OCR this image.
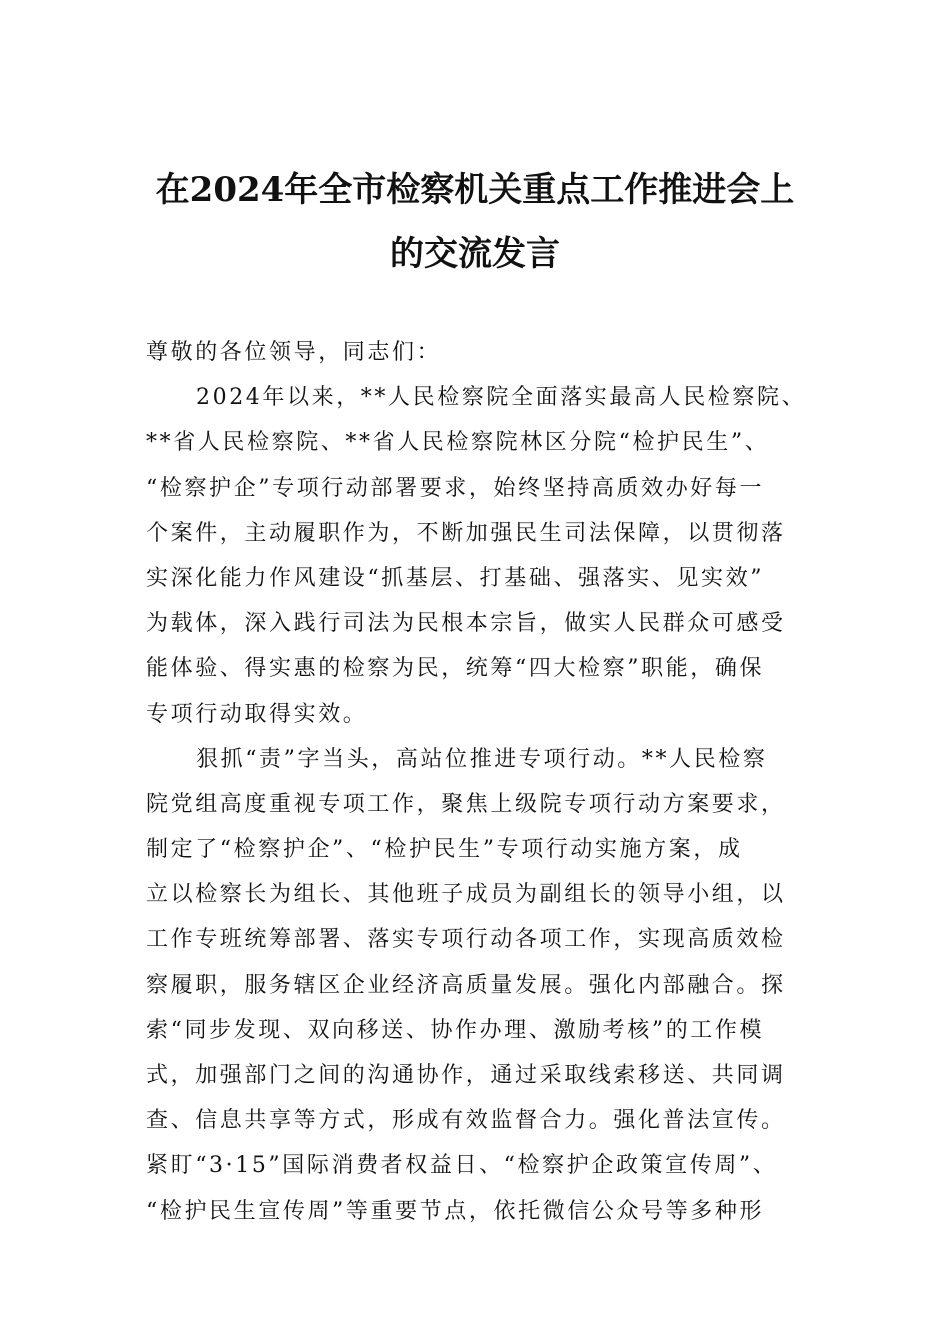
在2024年全市检察机关重点工作推进会上
的交流发言
尊敬的各位领导，同志们：
2024年以来，**人民检察院全面落实最高人民检察院、
**省人民检察院、**省人民检察院林区分院“检护民生”、
“检察护企”专项行动部署要求，始终坚持高质效办好每一
个案件，主动履职作为，不断加强民生司法保障，以贯彻落
实深化能力作风建设“抓基层、打基础、强落实、见实效”
为载体，深入践行司法为民根本宗旨，做实人民群众可感受
能体验、得实惠的检察为民，统筹“四大检察”职能，确保
专项行动取得实效。
狠抓“责”字当头，高站位推进专项行动。**人民检察
院党组高度重视专项工作，聚焦上级院专项行动方案要求，
制定了“检察护企”、“检护民生”专项行动实施方案，成
立以检察长为组长、其他班子成员为副组长的领导小组，以
工作专班统筹部署、落实专项行动各项工作，实现高质效检
察履职，服务辖区企业经济高质量发展。强化内部融合。探
索“同步发现、双向移送、协作办理、激励考核”的工作模
式，加强部门之间的沟通协作，通过采取线索移送、共同调
查、信息共享等方式，形成有效监督合力。强化普法宣传。
紧盯“3·15”国际消费者权益日、“检察护企政策宣传周”、
“检护民生宣传周”等重要节点，依托微信公众号等多种形
